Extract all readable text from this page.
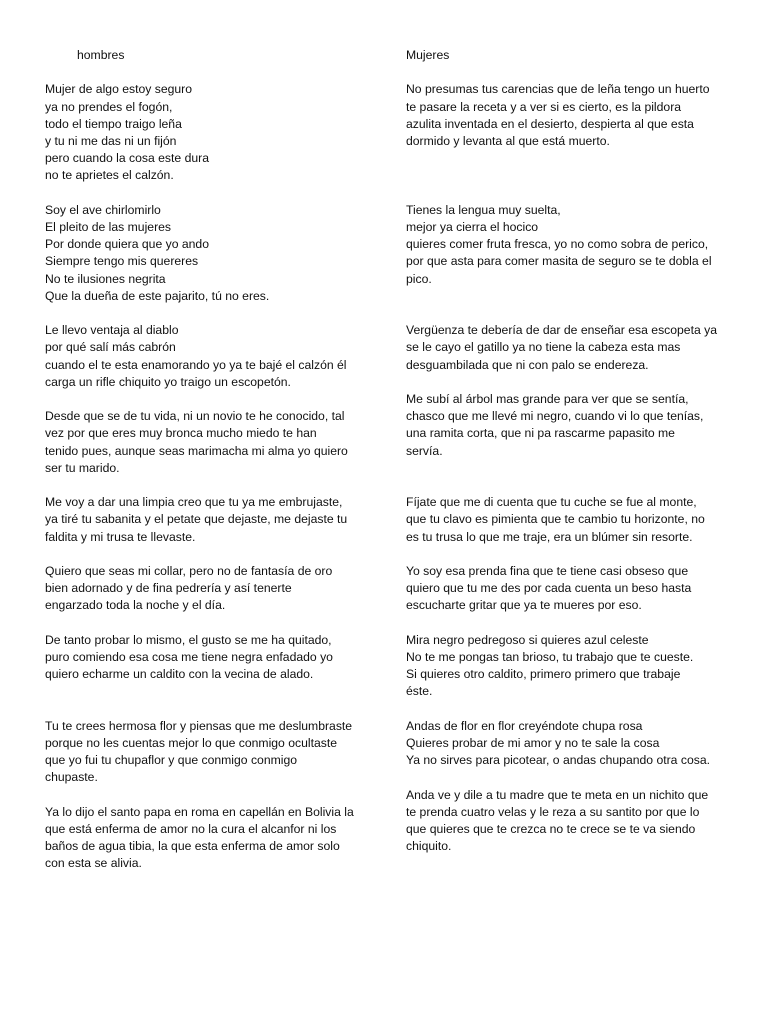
hombres
Mujer de algo estoy seguro
ya no prendes el fogón,
todo el tiempo traigo leña
y tu ni me das ni un fijón
pero cuando la cosa este dura
no te aprietes el calzón.
Soy el ave chirlomirlo
El pleito de las mujeres
Por donde quiera que yo ando
Siempre tengo mis quereres
No te ilusiones negrita
Que la dueña de este pajarito, tú no eres.
Le llevo ventaja al diablo
por qué salí más cabrón
cuando el te esta enamorando yo ya te bajé el calzón él
carga un rifle chiquito yo traigo un escopetón.
Desde que se de tu vida, ni un novio te he conocido, tal
vez por que eres muy bronca mucho miedo te han
tenido pues, aunque seas marimacha mi alma yo quiero
ser tu marido.
Me voy a dar una limpia creo que tu ya me embrujaste,
ya tiré tu sabanita y el petate que dejaste, me dejaste tu
faldita y mi trusa te llevaste.
Quiero que seas mi collar, pero no de fantasía de oro
bien adornado y de fina pedrería y así tenerte
engarzado toda la noche y el día.
De tanto probar lo mismo, el gusto se me ha quitado,
puro comiendo esa cosa me tiene negra enfadado yo
quiero echarme un caldito con la vecina de alado.
Tu te crees hermosa flor y piensas que me deslumbraste
porque no les cuentas mejor lo que conmigo ocultaste
que yo fui tu chupaflor y que conmigo conmigo
chupaste.
Ya lo dijo el santo papa en roma en capellán en Bolivia la
que está enferma de amor no la cura el alcanfor ni los
baños de agua tibia, la que esta enferma de amor solo
con esta se alivia.
Mujeres
No presumas tus carencias que de leña tengo un huerto
te pasare la receta y a ver si es cierto, es la pildora
azulita inventada en el desierto, despierta al que esta
dormido y levanta al que está muerto.
Tienes la lengua muy suelta,
mejor ya cierra el hocico
quieres comer fruta fresca, yo no como sobra de perico,
por que asta para comer masita de seguro se te dobla el
pico.
Vergüenza te debería de dar de enseñar esa escopeta ya
se le cayo el gatillo ya no tiene la cabeza esta mas
desguambilada que ni con palo se endereza.
Me subí al árbol mas grande para ver que se sentía,
chasco que me llevé mi negro, cuando vi lo que tenías,
una ramita corta, que ni pa rascarme papasito me
servía.
Fíjate que me di cuenta que tu cuche se fue al monte,
que tu clavo es pimienta que te cambio tu horizonte, no
es tu trusa lo que me traje, era un blúmer sin resorte.
Yo soy esa prenda fina que te tiene casi obseso que
quiero que tu me des por cada cuenta un beso hasta
escucharte gritar que ya te mueres por eso.
Mira negro pedregoso si quieres azul celeste
No te me pongas tan brioso, tu trabajo que te cueste.
Si quieres otro caldito, primero primero que trabaje
éste.
Andas de flor en flor creyéndote chupa rosa
Quieres probar de mi amor y no te sale la cosa
Ya no sirves para picotear, o andas chupando otra cosa.
Anda ve y dile a tu madre que te meta en un nichito que
te prenda cuatro velas y le reza a su santito por que lo
que quieres que te crezca no te crece se te va siendo
chiquito.
